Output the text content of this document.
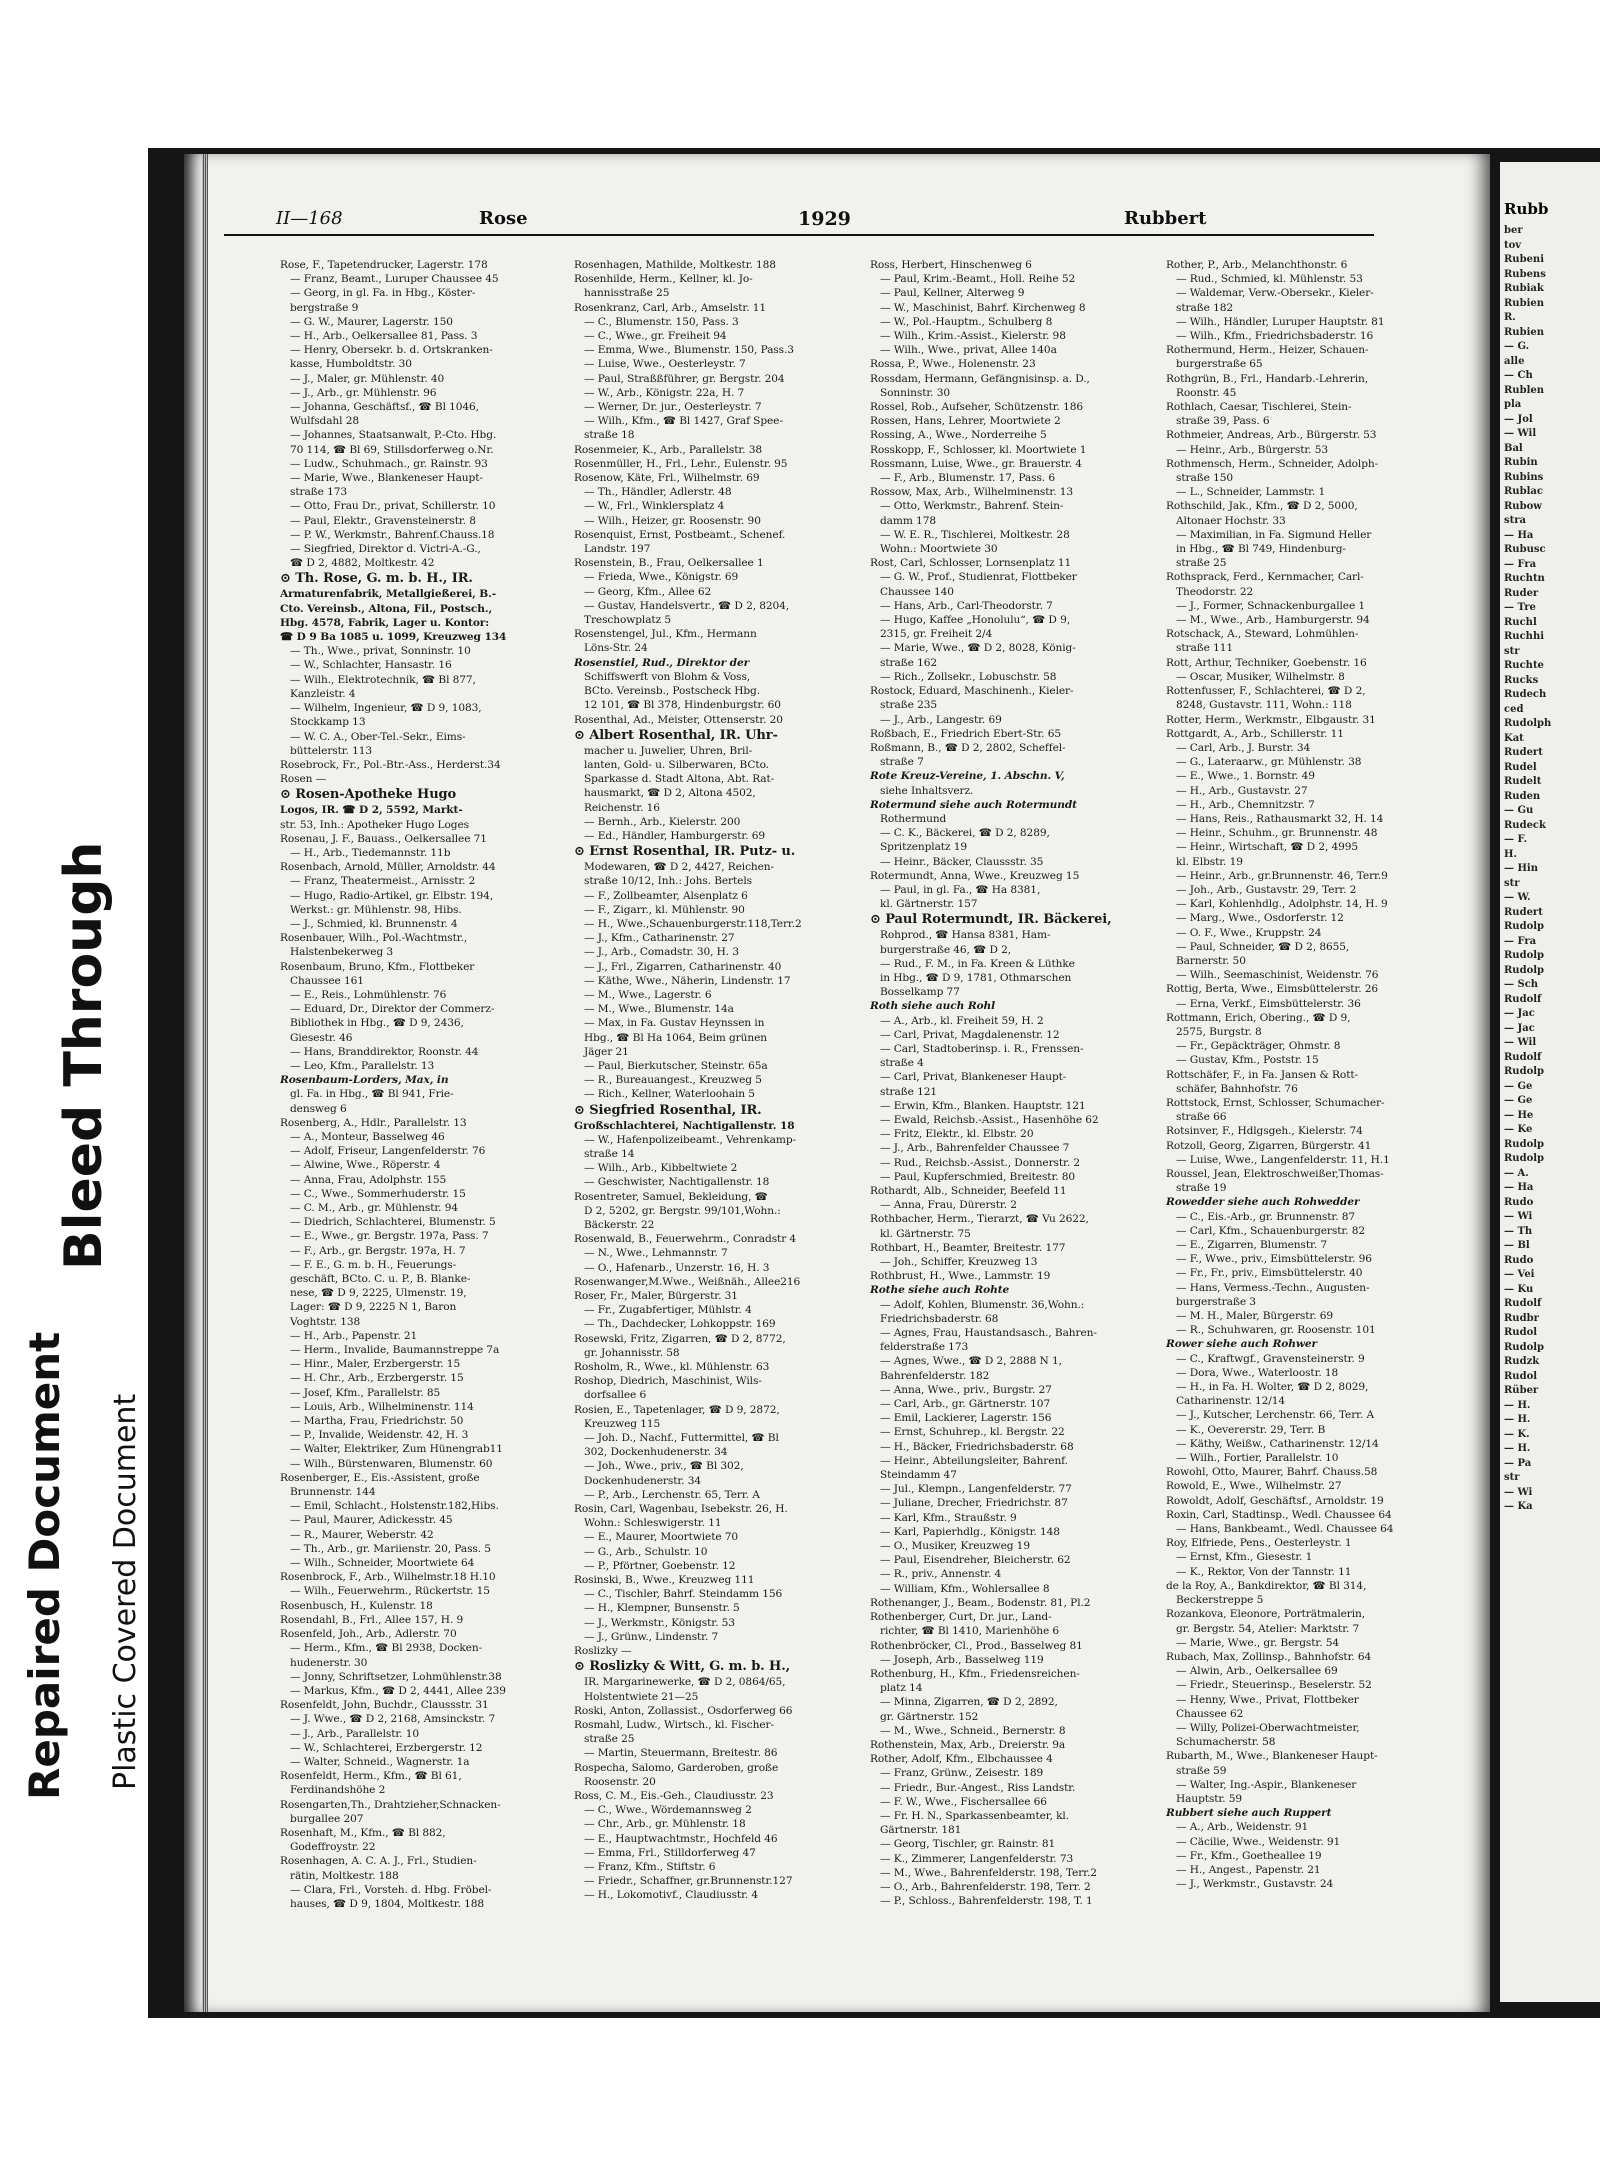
II—168	Rose	1929	Rubbert
Rose, F., Tapetendrucker, Lagerstr. 178
— Franz, Beamt., Luruper Chaussee 45
— Georg, in gl. Fa. in Hbg., Köster-
bergstraße 9
— G. W., Maurer, Lagerstr. 150
— H., Arb., Oelkersallee 81, Pass. 3
— Henry, Obersekr. b. d. Ortskranken-
kasse, Humboldtstr. 30
— J., Maler, gr. Mühlenstr. 40
— J., Arb., gr. Mühlenstr. 96
— Johanna, Geschäftsf., ☎ Bl 1046,
Wulfsdahl 28
— Johannes, Staatsanwalt, P.-Cto. Hbg.
70 114, ☎ Bl 69, Stillsdorferweg o.Nr.
— Ludw., Schuhmach., gr. Rainstr. 93
— Marie, Wwe., Blankeneser Haupt-
straße 173
— Otto, Frau Dr., privat, Schillerstr. 10
— Paul, Elektr., Gravensteinerstr. 8
— P. W., Werkmstr., Bahrenf.Chauss.18
— Siegfried, Direktor d. Victri-A.-G.,
☎ D 2, 4882, Moltkestr. 42
⊙ Th. Rose, G. m. b. H., IR.
Armaturenfabrik, Metallgießerei, B.-
Cto. Vereinsb., Altona, Fil., Postsch.,
Hbg. 4578, Fabrik, Lager u. Kontor:
☎ D 9 Ba 1085 u. 1099, Kreuzweg 134
— Th., Wwe., privat, Sonninstr. 10
— W., Schlachter, Hansastr. 16
— Wilh., Elektrotechnik, ☎ Bl 877,
Kanzleistr. 4
— Wilhelm, Ingenieur, ☎ D 9, 1083,
Stockkamp 13
— W. C. A., Ober-Tel.-Sekr., Eims-
büttelerstr. 113
Rosebrock, Fr., Pol.-Btr.-Ass., Herderst.34
Rosen —
⊙ Rosen-Apotheke Hugo
Logos, IR. ☎ D 2, 5592, Markt-
str. 53, Inh.: Apotheker Hugo Loges
Rosenau, J. F., Bauass., Oelkersallee 71
— H., Arb., Tiedemannstr. 11b
Rosenbach, Arnold, Müller, Arnoldstr. 44
— Franz, Theatermeist., Arnisstr. 2
— Hugo, Radio-Artikel, gr. Elbstr. 194,
Werkst.: gr. Mühlenstr. 98, Hibs.
— J., Schmied, kl. Brunnenstr. 4
Rosenbauer, Wilh., Pol.-Wachtmstr.,
Halstenbekerweg 3
Rosenbaum, Bruno, Kfm., Flottbeker
Chaussee 161
— E., Reis., Lohmühlenstr. 76
— Eduard, Dr., Direktor der Commerz-
Bibliothek in Hbg., ☎ D 9, 2436,
Giesestr. 46
— Hans, Branddirektor, Roonstr. 44
— Leo, Kfm., Parallelstr. 13
Rosenbaum-Lorders, Max, in
gl. Fa. in Hbg., ☎ Bl 941, Frie-
densweg 6
Rosenberg, A., Hdlr., Parallelstr. 13
— A., Monteur, Basselweg 46
— Adolf, Friseur, Langenfelderstr. 76
— Alwine, Wwe., Röperstr. 4
— Anna, Frau, Adolphstr. 155
— C., Wwe., Sommerhuderstr. 15
— C. M., Arb., gr. Mühlenstr. 94
— Diedrich, Schlachterei, Blumenstr. 5
— E., Wwe., gr. Bergstr. 197a, Pass. 7
— F., Arb., gr. Bergstr. 197a, H. 7
— F. E., G. m. b. H., Feuerungs-
geschäft, BCto. C. u. P., B. Blanke-
nese, ☎ D 9, 2225, Ulmenstr. 19,
Lager: ☎ D 9, 2225 N 1, Baron
Voghtstr. 138
— H., Arb., Papenstr. 21
— Herm., Invalide, Baumannstreppe 7a
— Hinr., Maler, Erzbergerstr. 15
— H. Chr., Arb., Erzbergerstr. 15
— Josef, Kfm., Parallelstr. 85
— Louis, Arb., Wilhelminenstr. 114
— Martha, Frau, Friedrichstr. 50
— P., Invalide, Weidenstr. 42, H. 3
— Walter, Elektriker, Zum Hünengrab11
— Wilh., Bürstenwaren, Blumenstr. 60
Rosenberger, E., Eis.-Assistent, große
Brunnenstr. 144
— Emil, Schlacht., Holstenstr.182,Hibs.
— Paul, Maurer, Adickesstr. 45
— R., Maurer, Weberstr. 42
— Th., Arb., gr. Mariienstr. 20, Pass. 5
— Wilh., Schneider, Moortwiete 64
Rosenbrock, F., Arb., Wilhelmstr.18 H.10
— Wilh., Feuerwehrm., Rückertstr. 15
Rosenbusch, H., Kulenstr. 18
Rosendahl, B., Frl., Allee 157, H. 9
Rosenfeld, Joh., Arb., Adlerstr. 70
— Herm., Kfm., ☎ Bl 2938, Docken-
hudenerstr. 30
— Jonny, Schriftsetzer, Lohmühlenstr.38
— Markus, Kfm., ☎ D 2, 4441, Allee 239
Rosenfeldt, John, Buchdr., Claussstr. 31
— J. Wwe., ☎ D 2, 2168, Amsinckstr. 7
— J., Arb., Parallelstr. 10
— W., Schlachterei, Erzbergerstr. 12
— Walter, Schneid., Wagnerstr. 1a
Rosenfeldt, Herm., Kfm., ☎ Bl 61,
Ferdinandshöhe 2
Rosengarten,Th., Drahtzieher,Schnacken-
burgallee 207
Rosenhaft, M., Kfm., ☎ Bl 882,
Godeffroystr. 22
Rosenhagen, A. C. A. J., Frl., Studien-
rätin, Moltkestr. 188
— Clara, Frl., Vorsteh. d. Hbg. Fröbel-
hauses, ☎ D 9, 1804, Moltkestr. 188
Rosenhagen, Mathilde, Moltkestr. 188
Rosenhilde, Herm., Kellner, kl. Jo-
hannisstraße 25
Rosenkranz, Carl, Arb., Amselstr. 11
— C., Blumenstr. 150, Pass. 3
— C., Wwe., gr. Freiheit 94
— Emma, Wwe., Blumenstr. 150, Pass.3
— Luise, Wwe., Oesterleystr. 7
— Paul, Straßßführer, gr. Bergstr. 204
— W., Arb., Königstr. 22a, H. 7
— Werner, Dr. jur., Oesterleystr. 7
— Wilh., Kfm., ☎ Bl 1427, Graf Spee-
straße 18
Rosenmeier, K., Arb., Parallelstr. 38
Rosenmüller, H., Frl., Lehr., Eulenstr. 95
Rosenow, Käte, Frl., Wilhelmstr. 69
— Th., Händler, Adlerstr. 48
— W., Frl., Winklersplatz 4
— Wilh., Heizer, gr. Roosenstr. 90
Rosenquist, Ernst, Postbeamt., Schenef.
Landstr. 197
Rosenstein, B., Frau, Oelkersallee 1
— Frieda, Wwe., Königstr. 69
— Georg, Kfm., Allee 62
— Gustav, Handelsvertr., ☎ D 2, 8204,
Treschowplatz 5
Rosenstengel, Jul., Kfm., Hermann
Löns-Str. 24
Rosenstiel, Rud., Direktor der
Schiffswerft von Blohm & Voss,
BCto. Vereinsb., Postscheck Hbg.
12 101, ☎ Bl 378, Hindenburgstr. 60
Rosenthal, Ad., Meister, Ottenserstr. 20
⊙ Albert Rosenthal, IR. Uhr-
macher u. Juwelier, Uhren, Bril-
lanten, Gold- u. Silberwaren, BCto.
Sparkasse d. Stadt Altona, Abt. Rat-
hausmarkt, ☎ D 2, Altona 4502,
Reichenstr. 16
— Bernh., Arb., Kielerstr. 200
— Ed., Händler, Hamburgerstr. 69
⊙ Ernst Rosenthal, IR. Putz- u.
Modewaren, ☎ D 2, 4427, Reichen-
straße 10/12, Inh.: Johs. Bertels
— F., Zollbeamter, Alsenplatz 6
— F., Zigarr., kl. Mühlenstr. 90
— H., Wwe.,Schauenburgerstr.118,Terr.2
— J., Kfm., Catharinenstr. 27
— J., Arb., Comadstr. 30, H. 3
— J., Frl., Zigarren, Catharinenstr. 40
— Käthe, Wwe., Näherin, Lindenstr. 17
— M., Wwe., Lagerstr. 6
— M., Wwe., Blumenstr. 14a
— Max, in Fa. Gustav Heynssen in
Hbg., ☎ Bl Ha 1064, Beim grünen
Jäger 21
— Paul, Bierkutscher, Steinstr. 65a
— R., Bureauangest., Kreuzweg 5
— Rich., Kellner, Waterloohain 5
⊙ Siegfried Rosenthal, IR.
Großschlachterei, Nachtigallenstr. 18
— W., Hafenpolizeibeamt., Vehrenkamp-
straße 14
— Wilh., Arb., Kibbeltwiete 2
— Geschwister, Nachtigallenstr. 18
Rosentreter, Samuel, Bekleidung, ☎
D 2, 5202, gr. Bergstr. 99/101,Wohn.:
Bäckerstr. 22
Rosenwald, B., Feuerwehrm., Conradstr 4
— N., Wwe., Lehmannstr. 7
— O., Hafenarb., Unzerstr. 16, H. 3
Rosenwanger,M.Wwe., Weißnäh., Allee216
Roser, Fr., Maler, Bürgerstr. 31
— Fr., Zugabfertiger, Mühlstr. 4
— Th., Dachdecker, Lohkoppstr. 169
Rosewski, Fritz, Zigarren, ☎ D 2, 8772,
gr. Johannisstr. 58
Rosholm, R., Wwe., kl. Mühlenstr. 63
Roshop, Diedrich, Maschinist, Wils-
dorfsallee 6
Rosien, E., Tapetenlager, ☎ D 9, 2872,
Kreuzweg 115
— Joh. D., Nachf., Futtermittel, ☎ Bl
302, Dockenhudenerstr. 34
— Joh., Wwe., priv., ☎ Bl 302,
Dockenhudenerstr. 34
— P., Arb., Lerchenstr. 65, Terr. A
Rosin, Carl, Wagenbau, Isebekstr. 26, H.
Wohn.: Schleswigerstr. 11
— E., Maurer, Moortwiete 70
— G., Arb., Schulstr. 10
— P., Pförtner, Goebenstr. 12
Rosinski, B., Wwe., Kreuzweg 111
— C., Tischler, Bahrf. Steindamm 156
— H., Klempner, Bunsenstr. 5
— J., Werkmstr., Königstr. 53
— J., Grünw., Lindenstr. 7
Roslizky —
⊙ Roslizky & Witt, G. m. b. H.,
IR. Margarinewerke, ☎ D 2, 0864/65,
Holstentwiete 21—25
Roski, Anton, Zollassist., Osdorferweg 66
Rosmahl, Ludw., Wirtsch., kl. Fischer-
straße 25
— Martin, Steuermann, Breitestr. 86
Rospecha, Salomo, Garderoben, große
Roosenstr. 20
Ross, C. M., Eis.-Geh., Claudiusstr. 23
— C., Wwe., Wördemannsweg 2
— Chr., Arb., gr. Mühlenstr. 18
— E., Hauptwachtmstr., Hochfeld 46
— Emma, Frl., Stilldorferweg 47
— Franz, Kfm., Stiftstr. 6
— Friedr., Schaffner, gr.Brunnenstr.127
— H., Lokomotivf., Claudiusstr. 4
Ross, Herbert, Hinschenweg 6
— Paul, Krim.-Beamt., Holl. Reihe 52
— Paul, Kellner, Alterweg 9
— W., Maschinist, Bahrf. Kirchenweg 8
— W., Pol.-Hauptm., Schulberg 8
— Wilh., Krim.-Assist., Kielerstr. 98
— Wilh., Wwe., privat, Allee 140a
Rossa, P., Wwe., Holenenstr. 23
Rossdam, Hermann, Gefängnisinsp. a. D.,
Sonninstr. 30
Rossel, Rob., Aufseher, Schützenstr. 186
Rossen, Hans, Lehrer, Moortwiete 2
Rossing, A., Wwe., Norderreihe 5
Rosskopp, F., Schlosser, kl. Moortwiete 1
Rossmann, Luise, Wwe., gr. Brauerstr. 4
— F., Arb., Blumenstr. 17, Pass. 6
Rossow, Max, Arb., Wilhelminenstr. 13
— Otto, Werkmstr., Bahrenf. Stein-
damm 178
— W. E. R., Tischlerei, Moltkestr. 28
Wohn.: Moortwiete 30
Rost, Carl, Schlosser, Lornsenplatz 11
— G. W., Prof., Studienrat, Flottbeker
Chaussee 140
— Hans, Arb., Carl-Theodorstr. 7
— Hugo, Kaffee „Honolulu“, ☎ D 9,
2315, gr. Freiheit 2/4
— Marie, Wwe., ☎ D 2, 8028, König-
straße 162
— Rich., Zollsekr., Lobuschstr. 58
Rostock, Eduard, Maschinenh., Kieler-
straße 235
— J., Arb., Langestr. 69
Roßbach, E., Friedrich Ebert-Str. 65
Roßmann, B., ☎ D 2, 2802, Scheffel-
straße 7
Rote Kreuz-Vereine, 1. Abschn. V,
siehe Inhaltsverz.
Rotermund siehe auch Rotermundt
Rothermund
— C. K., Bäckerei, ☎ D 2, 8289,
Spritzenplatz 19
— Heinr., Bäcker, Claussstr. 35
Rotermundt, Anna, Wwe., Kreuzweg 15
— Paul, in gl. Fa., ☎ Ha 8381,
kl. Gärtnerstr. 157
⊙ Paul Rotermundt, IR. Bäckerei,
Rohprod., ☎ Hansa 8381, Ham-
burgerstraße 46, ☎ D 2,
— Rud., F. M., in Fa. Kreen & Lüthke
in Hbg., ☎ D 9, 1781, Othmarschen
Bosselkamp 77
Roth siehe auch Rohl
— A., Arb., kl. Freiheit 59, H. 2
— Carl, Privat, Magdalenenstr. 12
— Carl, Stadtoberinsp. i. R., Frenssen-
straße 4
— Carl, Privat, Blankeneser Haupt-
straße 121
— Erwin, Kfm., Blanken. Hauptstr. 121
— Ewald, Reichsb.-Assist., Hasenhöhe 62
— Fritz, Elektr., kl. Elbstr. 20
— J., Arb., Bahrenfelder Chaussee 7
— Rud., Reichsb.-Assist., Donnerstr. 2
— Paul, Kupferschmied, Breitestr. 80
Rothardt, Alb., Schneider, Beefeld 11
— Anna, Frau, Dürerstr. 2
Rothbacher, Herm., Tierarzt, ☎ Vu 2622,
kl. Gärtnerstr. 75
Rothbart, H., Beamter, Breitestr. 177
— Joh., Schiffer, Kreuzweg 13
Rothbrust, H., Wwe., Lammstr. 19
Rothe siehe auch Rohte
— Adolf, Kohlen, Blumenstr. 36,Wohn.:
Friedrichsbaderstr. 68
— Agnes, Frau, Haustandsasch., Bahren-
felderstraße 173
— Agnes, Wwe., ☎ D 2, 2888 N 1,
Bahrenfelderstr. 182
— Anna, Wwe., priv., Burgstr. 27
— Carl, Arb., gr. Gärtnerstr. 107
— Emil, Lackierer, Lagerstr. 156
— Ernst, Schuhrep., kl. Bergstr. 22
— H., Bäcker, Friedrichsbaderstr. 68
— Heinr., Abteilungsleiter, Bahrenf.
Steindamm 47
— Jul., Klempn., Langenfelderstr. 77
— Juliane, Drecher, Friedrichstr. 87
— Karl, Kfm., Straußstr. 9
— Karl, Papierhdlg., Königstr. 148
— O., Musiker, Kreuzweg 19
— Paul, Eisendreher, Bleicherstr. 62
— R., priv., Annenstr. 4
— William, Kfm., Wohlersallee 8
Rothenanger, J., Beam., Bodenstr. 81, Pl.2
Rothenberger, Curt, Dr. jur., Land-
richter, ☎ Bl 1410, Marienhöhe 6
Rothenbröcker, Cl., Prod., Basselweg 81
— Joseph, Arb., Basselweg 119
Rothenburg, H., Kfm., Friedensreichen-
platz 14
— Minna, Zigarren, ☎ D 2, 2892,
gr. Gärtnerstr. 152
— M., Wwe., Schneid., Bernerstr. 8
Rothenstein, Max, Arb., Dreierstr. 9a
Rother, Adolf, Kfm., Elbchaussee 4
— Franz, Grünw., Zeisestr. 189
— Friedr., Bur.-Angest., Riss Landstr.
— F. W., Wwe., Fischersallee 66
— Fr. H. N., Sparkassenbeamter, kl.
Gärtnerstr. 181
— Georg, Tischler, gr. Rainstr. 81
— K., Zimmerer, Langenfelderstr. 73
— M., Wwe., Bahrenfelderstr. 198, Terr.2
— O., Arb., Bahrenfelderstr. 198, Terr. 2
— P., Schloss., Bahrenfelderstr. 198, T. 1
Rother, P., Arb., Melanchthonstr. 6
— Rud., Schmied, kl. Mühlenstr. 53
— Waldemar, Verw.-Obersekr., Kieler-
straße 182
— Wilh., Händler, Luruper Hauptstr. 81
— Wilh., Kfm., Friedrichsbaderstr. 16
Rothermund, Herm., Heizer, Schauen-
burgerstraße 65
Rothgrün, B., Frl., Handarb.-Lehrerin,
Roonstr. 45
Rothlach, Caesar, Tischlerei, Stein-
straße 39, Pass. 6
Rothmeier, Andreas, Arb., Bürgerstr. 53
— Heinr., Arb., Bürgerstr. 53
Rothmensch, Herm., Schneider, Adolph-
straße 150
— L., Schneider, Lammstr. 1
Rothschild, Jak., Kfm., ☎ D 2, 5000,
Altonaer Hochstr. 33
— Maximilian, in Fa. Sigmund Heller
in Hbg., ☎ Bl 749, Hindenburg-
straße 25
Rothsprack, Ferd., Kernmacher, Carl-
Theodorstr. 22
— J., Former, Schnackenburgallee 1
— M., Wwe., Arb., Hamburgerstr. 94
Rotschack, A., Steward, Lohmühlen-
straße 111
Rott, Arthur, Techniker, Goebenstr. 16
— Oscar, Musiker, Wilhelmstr. 8
Rottenfusser, F., Schlachterei, ☎ D 2,
8248, Gustavstr. 111, Wohn.: 118
Rotter, Herm., Werkmstr., Elbgaustr. 31
Rottgardt, A., Arb., Schillerstr. 11
— Carl, Arb., J. Burstr. 34
— G., Lateraarw., gr. Mühlenstr. 38
— E., Wwe., 1. Bornstr. 49
— H., Arb., Gustavstr. 27
— H., Arb., Chemnitzstr. 7
— Hans, Reis., Rathausmarkt 32, H. 14
— Heinr., Schuhm., gr. Brunnenstr. 48
— Heinr., Wirtschaft, ☎ D 2, 4995
kl. Elbstr. 19
— Heinr., Arb., gr.Brunnenstr. 46, Terr.9
— Joh., Arb., Gustavstr. 29, Terr. 2
— Karl, Kohlenhdlg., Adolphstr. 14, H. 9
— Marg., Wwe., Osdorferstr. 12
— O. F., Wwe., Kruppstr. 24
— Paul, Schneider, ☎ D 2, 8655,
Barnerstr. 50
— Wilh., Seemaschinist, Weidenstr. 76
Rottig, Berta, Wwe., Eimsbüttelerstr. 26
— Erna, Verkf., Eimsbüttelerstr. 36
Rottmann, Erich, Obering., ☎ D 9,
2575, Burgstr. 8
— Fr., Gepäckträger, Ohmstr. 8
— Gustav, Kfm., Poststr. 15
Rottschäfer, F., in Fa. Jansen & Rott-
schäfer, Bahnhofstr. 76
Rottstock, Ernst, Schlosser, Schumacher-
straße 66
Rotsinver, F., Hdlgsgeh., Kielerstr. 74
Rotzoll, Georg, Zigarren, Bürgerstr. 41
— Luise, Wwe., Langenfelderstr. 11, H.1
Roussel, Jean, Elektroschweißer,Thomas-
straße 19
Rowedder siehe auch Rohwedder
— C., Eis.-Arb., gr. Brunnenstr. 87
— Carl, Kfm., Schauenburgerstr. 82
— E., Zigarren, Blumenstr. 7
— F., Wwe., priv., Eimsbüttelerstr. 96
— Fr., Fr., priv., Eimsbüttelerstr. 40
— Hans, Vermess.-Techn., Augusten-
burgerstraße 3
— M. H., Maler, Bürgerstr. 69
— R., Schuhwaren, gr. Roosenstr. 101
Rower siehe auch Rohwer
— C., Kraftwgf., Gravensteinerstr. 9
— Dora, Wwe., Waterloostr. 18
— H., in Fa. H. Wolter, ☎ D 2, 8029,
Catharinenstr. 12/14
— J., Kutscher, Lerchenstr. 66, Terr. A
— K., Oevererstr. 29, Terr. B
— Käthy, Weißw., Catharinenstr. 12/14
— Wilh., Fortier, Parallelstr. 10
Rowohl, Otto, Maurer, Bahrf. Chauss.58
Rowold, E., Wwe., Wilhelmstr. 27
Rowoldt, Adolf, Geschäftsf., Arnoldstr. 19
Roxin, Carl, Stadtinsp., Wedl. Chaussee 64
— Hans, Bankbeamt., Wedl. Chaussee 64
Roy, Elfriede, Pens., Oesterleystr. 1
— Ernst, Kfm., Giesestr. 1
— K., Rektor, Von der Tannstr. 11
de la Roy, A., Bankdirektor, ☎ Bl 314,
Beckerstreppe 5
Rozankova, Eleonore, Porträtmalerin,
gr. Bergstr. 54, Atelier: Marktstr. 7
— Marie, Wwe., gr. Bergstr. 54
Rubach, Max, Zollinsp., Bahnhofstr. 64
— Alwin, Arb., Oelkersallee 69
— Friedr., Steuerinsp., Beselerstr. 52
— Henny, Wwe., Privat, Flottbeker
Chaussee 62
— Willy, Polizei-Oberwachtmeister,
Schumacherstr. 58
Rubarth, M., Wwe., Blankeneser Haupt-
straße 59
— Walter, Ing.-Aspir., Blankeneser
Hauptstr. 59
Rubbert siehe auch Ruppert
— A., Arb., Weidenstr. 91
— Cäcilie, Wwe., Weidenstr. 91
— Fr., Kfm., Goetheallee 19
— H., Angest., Papenstr. 21
— J., Werkmstr., Gustavstr. 24
Rubb
ber
tov
Rubeni
Rubens
Rubiak
Rubien
R.
Rubien
— G.
alle
— Ch
Rublen
pla
— Jol
— Wil
Bal
Rubin
Rubins
Rublac
Rubow
stra
— Ha
Rubusc
— Fra
Ruchtn
Ruder
— Tre
Ruchl
Ruchhi
str
Ruchte
Rucks
Rudech
ced
Rudolph
Kat
Rudert
Rudel
Rudelt
Ruden
— Gu
Rudeck
— F.
H.
— Hin
str
— W.
Rudert
Rudolp
— Fra
Rudolp
Rudolp
— Sch
Rudolf
— Jac
— Jac
— Wil
Rudolf
Rudolp
— Ge
— Ge
— He
— Ke
Rudolp
Rudolp
— A.
— Ha
Rudo
— Wi
— Th
— Bl
Rudo
— Vei
— Ku
Rudolf
Rudbr
Rudol
Rudolp
Rudzk
Rudol
Rüber
— H.
— H.
— K.
— H.
— Pa
str
— Wi
— Ka
Bleed Through
Repaired Document Plastic Covered Document
